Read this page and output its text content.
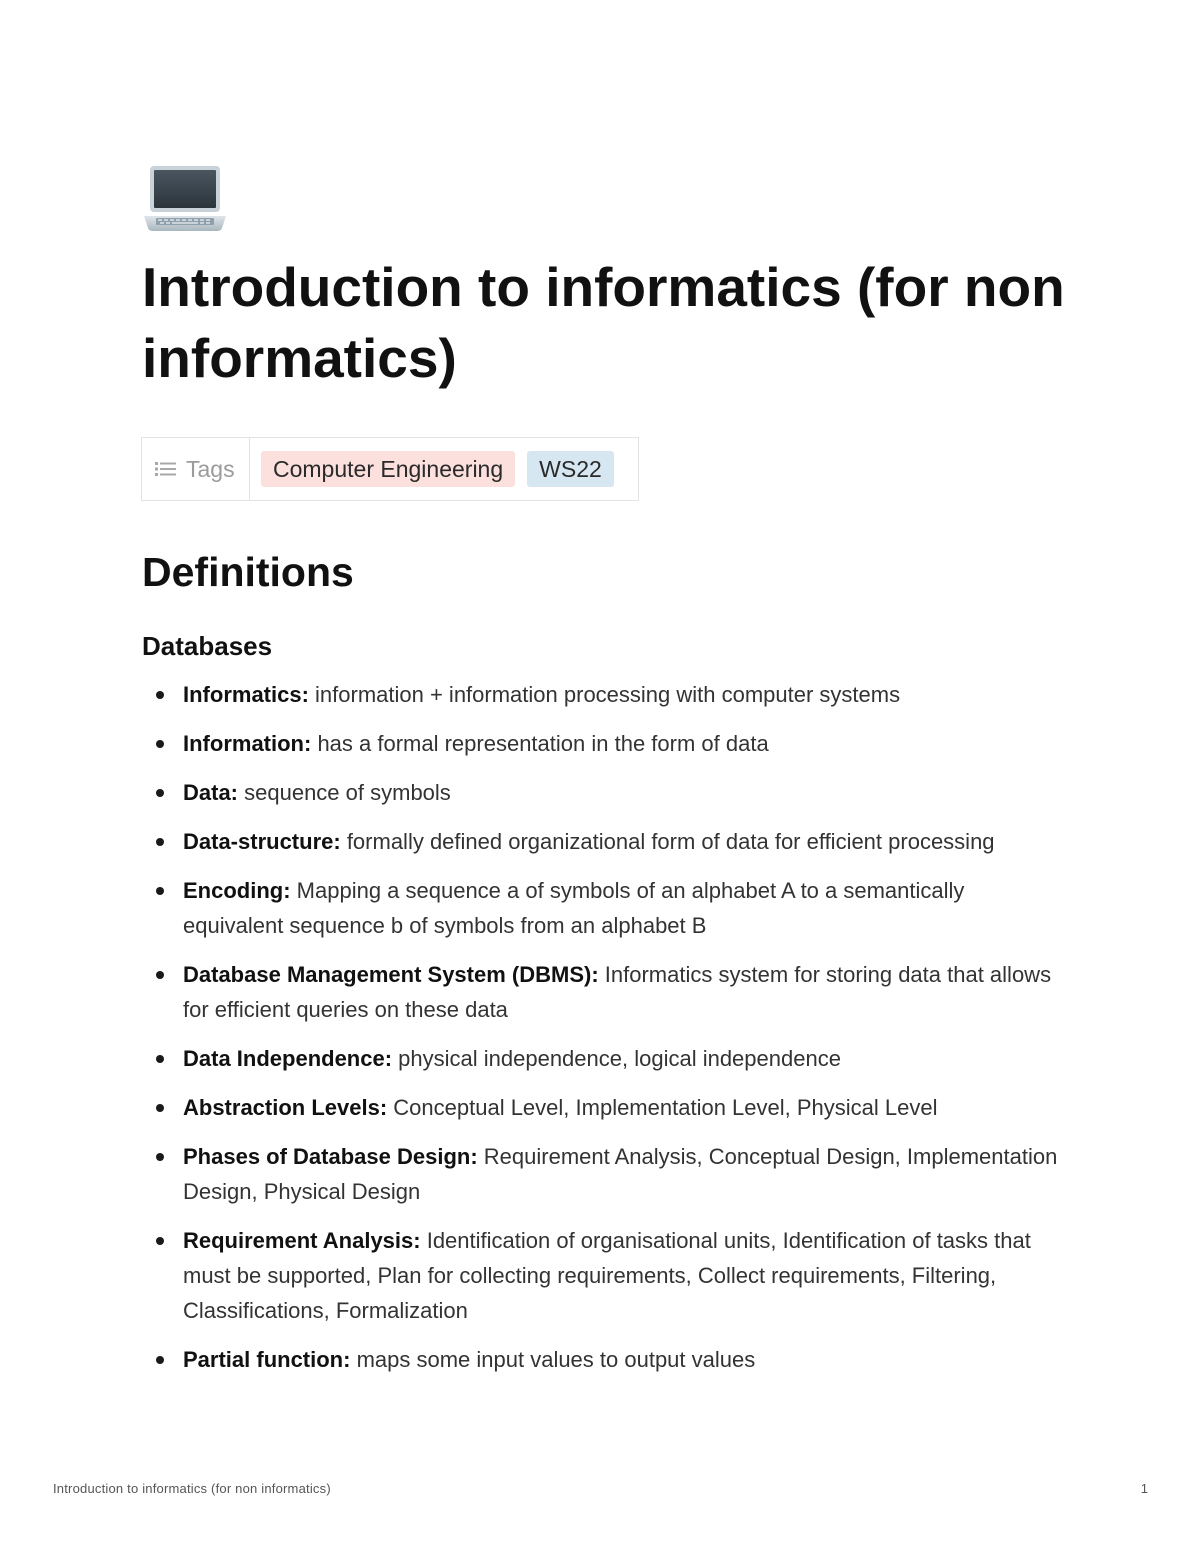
Introduction to informatics (for non informatics)
Tags	Computer Engineering	WS22
Definitions
Databases
Informatics: information + information processing with computer systems
Information: has a formal representation in the form of data
Data: sequence of symbols
Data-structure: formally defined organizational form of data for efficient processing
Encoding: Mapping a sequence a of symbols of an alphabet A to a semantically equivalent sequence b of symbols from an alphabet B
Database Management System (DBMS): Informatics system for storing data that allows for efficient queries on these data
Data Independence: physical independence, logical independence
Abstraction Levels: Conceptual Level, Implementation Level, Physical Level
Phases of Database Design: Requirement Analysis, Conceptual Design, Implementation Design, Physical Design
Requirement Analysis: Identification of organisational units, Identification of tasks that must be supported, Plan for collecting requirements, Collect requirements, Filtering, Classifications, Formalization
Partial function: maps some input values to output values
Introduction to informatics (for non informatics)	1
